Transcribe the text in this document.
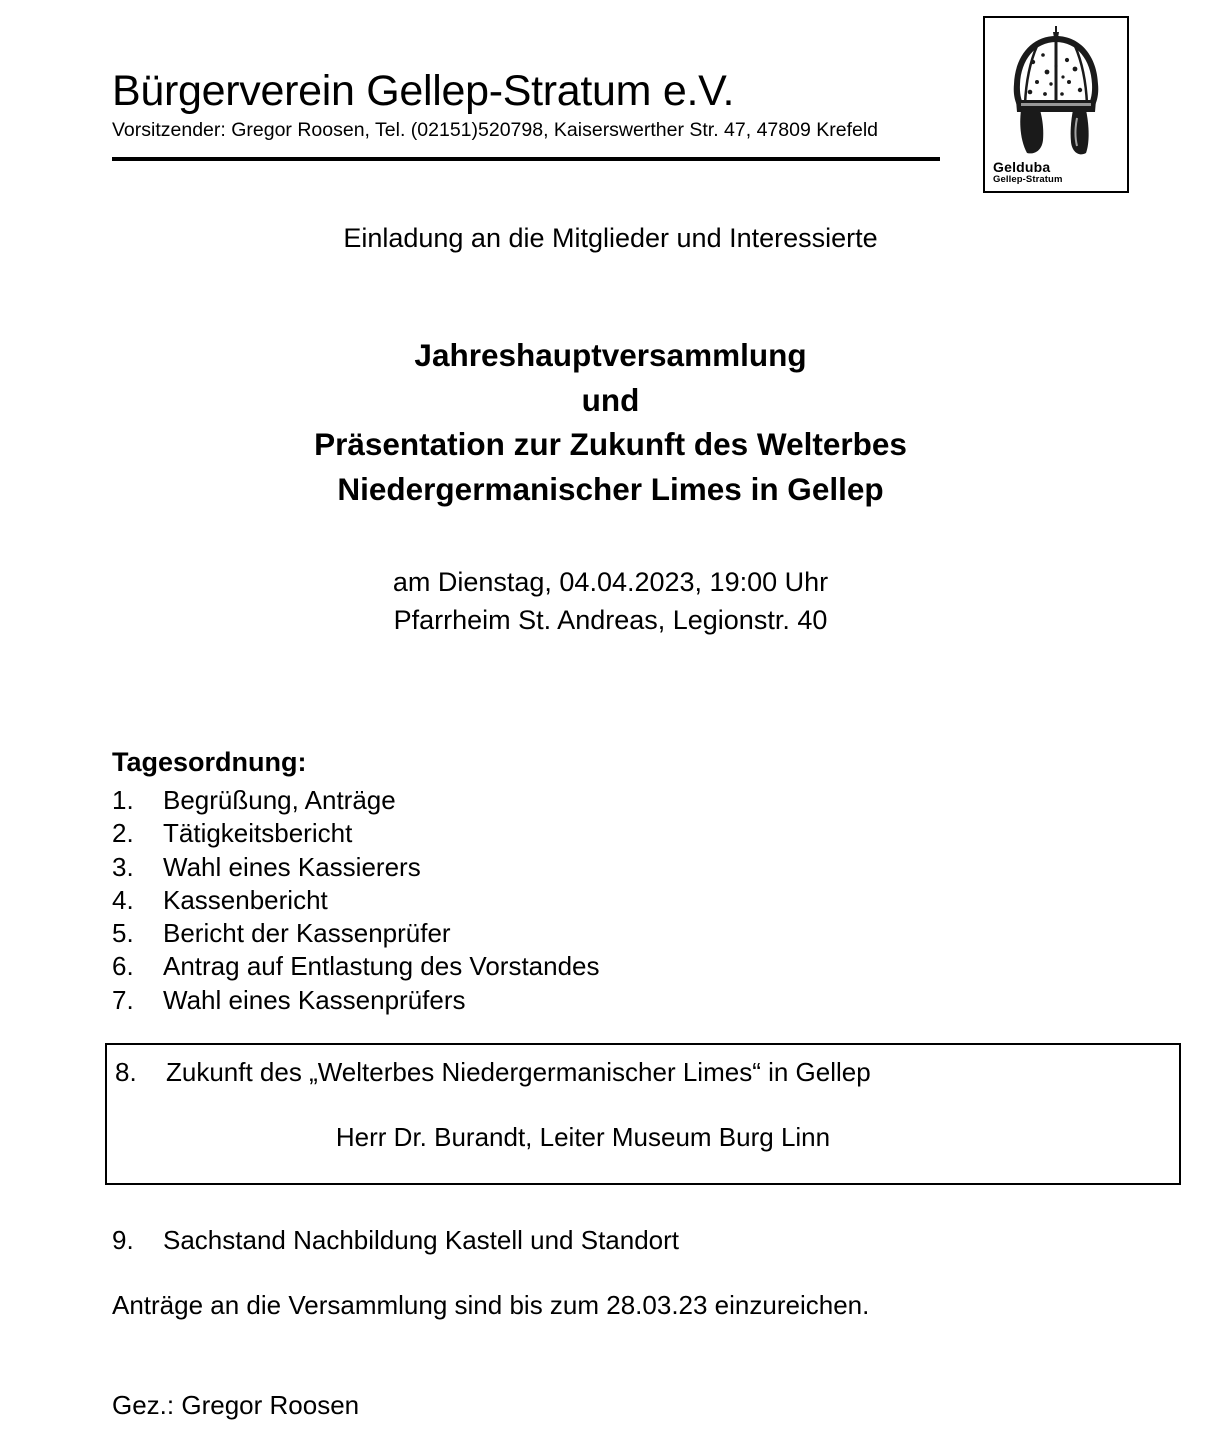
Bürgerverein Gellep-Stratum e.V.
Vorsitzender: Gregor Roosen, Tel. (02151)520798, Kaiserswerther Str. 47, 47809 Krefeld
Gelduba
Gellep-Stratum
Einladung an die Mitglieder und Interessierte
Jahreshauptversammlung
und
Präsentation zur Zukunft des Welterbes
Niedergermanischer Limes in Gellep
am Dienstag, 04.04.2023, 19:00 Uhr
Pfarrheim St. Andreas, Legionstr. 40
Tagesordnung:
1.	Begrüßung, Anträge
2.	Tätigkeitsbericht
3.	Wahl eines Kassierers
4.	Kassenbericht
5.	Bericht der Kassenprüfer
6.	Antrag auf Entlastung des Vorstandes
7.	Wahl eines Kassenprüfers
8.	Zukunft des „Welterbes Niedergermanischer Limes“ in Gellep
Herr Dr. Burandt, Leiter Museum Burg Linn
9.	Sachstand Nachbildung Kastell und Standort
Anträge an die Versammlung sind bis zum 28.03.23 einzureichen.
Gez.: Gregor Roosen
